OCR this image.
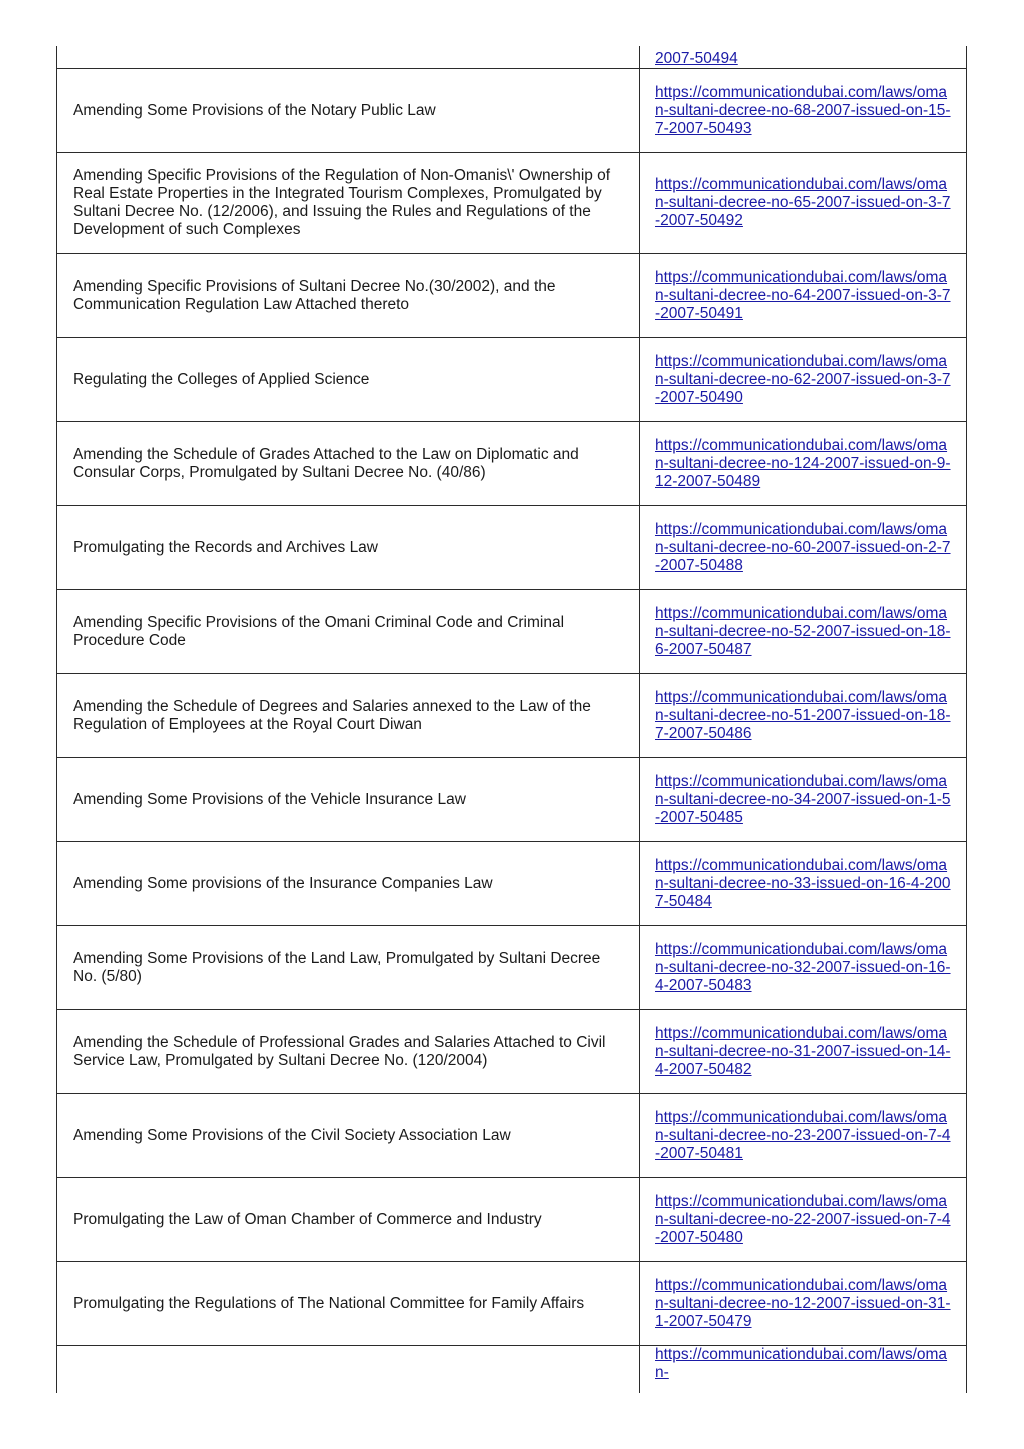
	2007-50494
Amending Some Provisions of the Notary Public Law	https://communicationdubai.com/laws/oman-sultani-decree-no-68-2007-issued-on-15-7-2007-50493
Amending Specific Provisions of the Regulation of Non-Omanis\' Ownership of Real Estate Properties in the Integrated Tourism Complexes, Promulgated by Sultani Decree No. (12/2006), and Issuing the Rules and Regulations of the Development of such Complexes	https://communicationdubai.com/laws/oman-sultani-decree-no-65-2007-issued-on-3-7-2007-50492
Amending Specific Provisions of Sultani Decree No.(30/2002), and the Communication Regulation Law Attached thereto	https://communicationdubai.com/laws/oman-sultani-decree-no-64-2007-issued-on-3-7-2007-50491
Regulating the Colleges of Applied Science	https://communicationdubai.com/laws/oman-sultani-decree-no-62-2007-issued-on-3-7-2007-50490
Amending the Schedule of Grades Attached to the Law on Diplomatic and Consular Corps, Promulgated by Sultani Decree No. (40/86)	https://communicationdubai.com/laws/oman-sultani-decree-no-124-2007-issued-on-9-12-2007-50489
Promulgating the Records and Archives Law	https://communicationdubai.com/laws/oman-sultani-decree-no-60-2007-issued-on-2-7-2007-50488
Amending Specific Provisions of the Omani Criminal Code and Criminal Procedure Code	https://communicationdubai.com/laws/oman-sultani-decree-no-52-2007-issued-on-18-6-2007-50487
Amending the Schedule of Degrees and Salaries annexed to the Law of the Regulation of Employees at the Royal Court Diwan	https://communicationdubai.com/laws/oman-sultani-decree-no-51-2007-issued-on-18-7-2007-50486
Amending Some Provisions of the Vehicle Insurance Law	https://communicationdubai.com/laws/oman-sultani-decree-no-34-2007-issued-on-1-5-2007-50485
Amending Some provisions of the Insurance Companies Law	https://communicationdubai.com/laws/oman-sultani-decree-no-33-issued-on-16-4-2007-50484
Amending Some Provisions of the Land Law, Promulgated by Sultani Decree No. (5/80)	https://communicationdubai.com/laws/oman-sultani-decree-no-32-2007-issued-on-16-4-2007-50483
Amending the Schedule of Professional Grades and Salaries Attached to Civil Service Law, Promulgated by Sultani Decree No. (120/2004)	https://communicationdubai.com/laws/oman-sultani-decree-no-31-2007-issued-on-14-4-2007-50482
Amending Some Provisions of the Civil Society Association Law	https://communicationdubai.com/laws/oman-sultani-decree-no-23-2007-issued-on-7-4-2007-50481
Promulgating the Law of Oman Chamber of Commerce and Industry	https://communicationdubai.com/laws/oman-sultani-decree-no-22-2007-issued-on-7-4-2007-50480
Promulgating the Regulations of The National Committee for Family Affairs	https://communicationdubai.com/laws/oman-sultani-decree-no-12-2007-issued-on-31-1-2007-50479
	https://communicationdubai.com/laws/oman-
